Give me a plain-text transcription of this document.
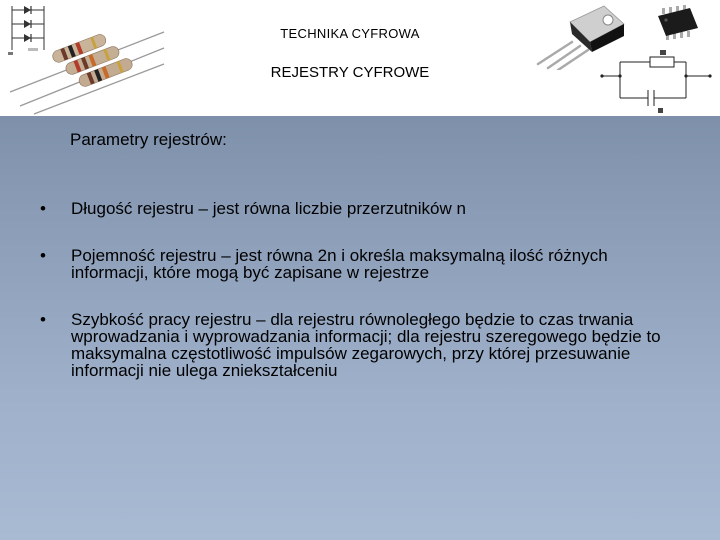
TECHNIKA CYFROWA
REJESTRY CYFROWE
Parametry rejestrów:
• Długość rejestru – jest równa liczbie przerzutników n
• Pojemność rejestru – jest równa 2n i określa maksymalną ilość różnych informacji, które mogą być zapisane w rejestrze
• Szybkość pracy rejestru – dla rejestru równoległego będzie to czas trwania wprowadzania i wyprowadzania informacji; dla rejestru szeregowego będzie to maksymalna częstotliwość impulsów zegarowych, przy której przesuwanie informacji nie ulega zniekształceniu
